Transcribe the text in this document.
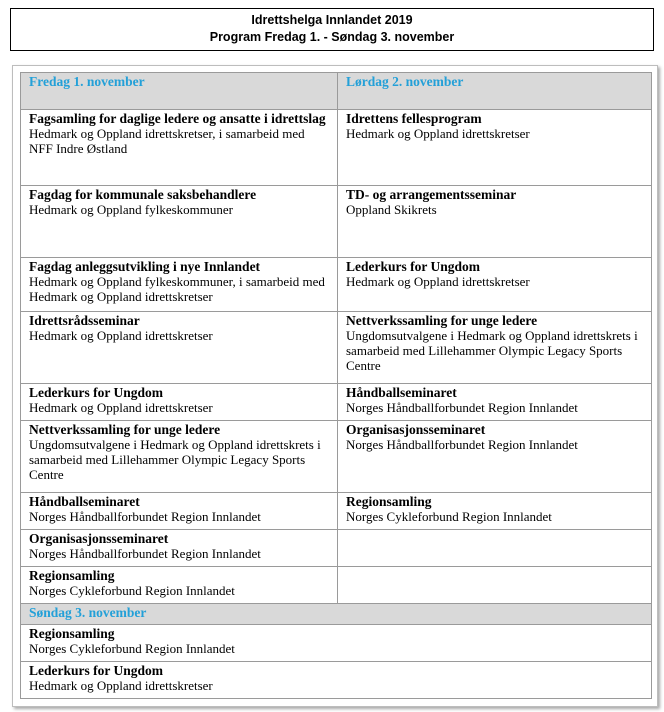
Idrettshelga Innlandet 2019
Program Fredag 1. - Søndag 3. november
Fredag 1. november	Lørdag 2. november

Fagsamling for daglige ledere og ansatte i idrettslag
Hedmark og Oppland idrettskretser, i samarbeid med NFF Indre Østland	Idrettens fellesprogram
Hedmark og Oppland idrettskretser

Fagdag for kommunale saksbehandlere
Hedmark og Oppland fylkeskommuner	TD- og arrangementsseminar
Oppland Skikrets

Fagdag anleggsutvikling i nye Innlandet
Hedmark og Oppland fylkeskommuner, i samarbeid med Hedmark og Oppland idrettskretser	Lederkurs for Ungdom
Hedmark og Oppland idrettskretser

Idrettsrådsseminar
Hedmark og Oppland idrettskretser	Nettverkssamling for unge ledere
Ungdomsutvalgene i Hedmark og Oppland idrettskrets i samarbeid med Lillehammer Olympic Legacy Sports Centre

Lederkurs for Ungdom
Hedmark og Oppland idrettskretser	Håndballseminaret
Norges Håndballforbundet Region Innlandet

Nettverkssamling for unge ledere
Ungdomsutvalgene i Hedmark og Oppland idrettskrets i samarbeid med Lillehammer Olympic Legacy Sports Centre	Organisasjonsseminaret
Norges Håndballforbundet Region Innlandet

Håndballseminaret
Norges Håndballforbundet Region Innlandet	Regionsamling
Norges Cykleforbund Region Innlandet

Organisasjonsseminaret
Norges Håndballforbundet Region Innlandet	

Regionsamling
Norges Cykleforbund Region Innlandet	

Søndag 3. november	

Regionsamling
Norges Cykleforbund Region Innlandet	

Lederkurs for Ungdom
Hedmark og Oppland idrettskretser	
